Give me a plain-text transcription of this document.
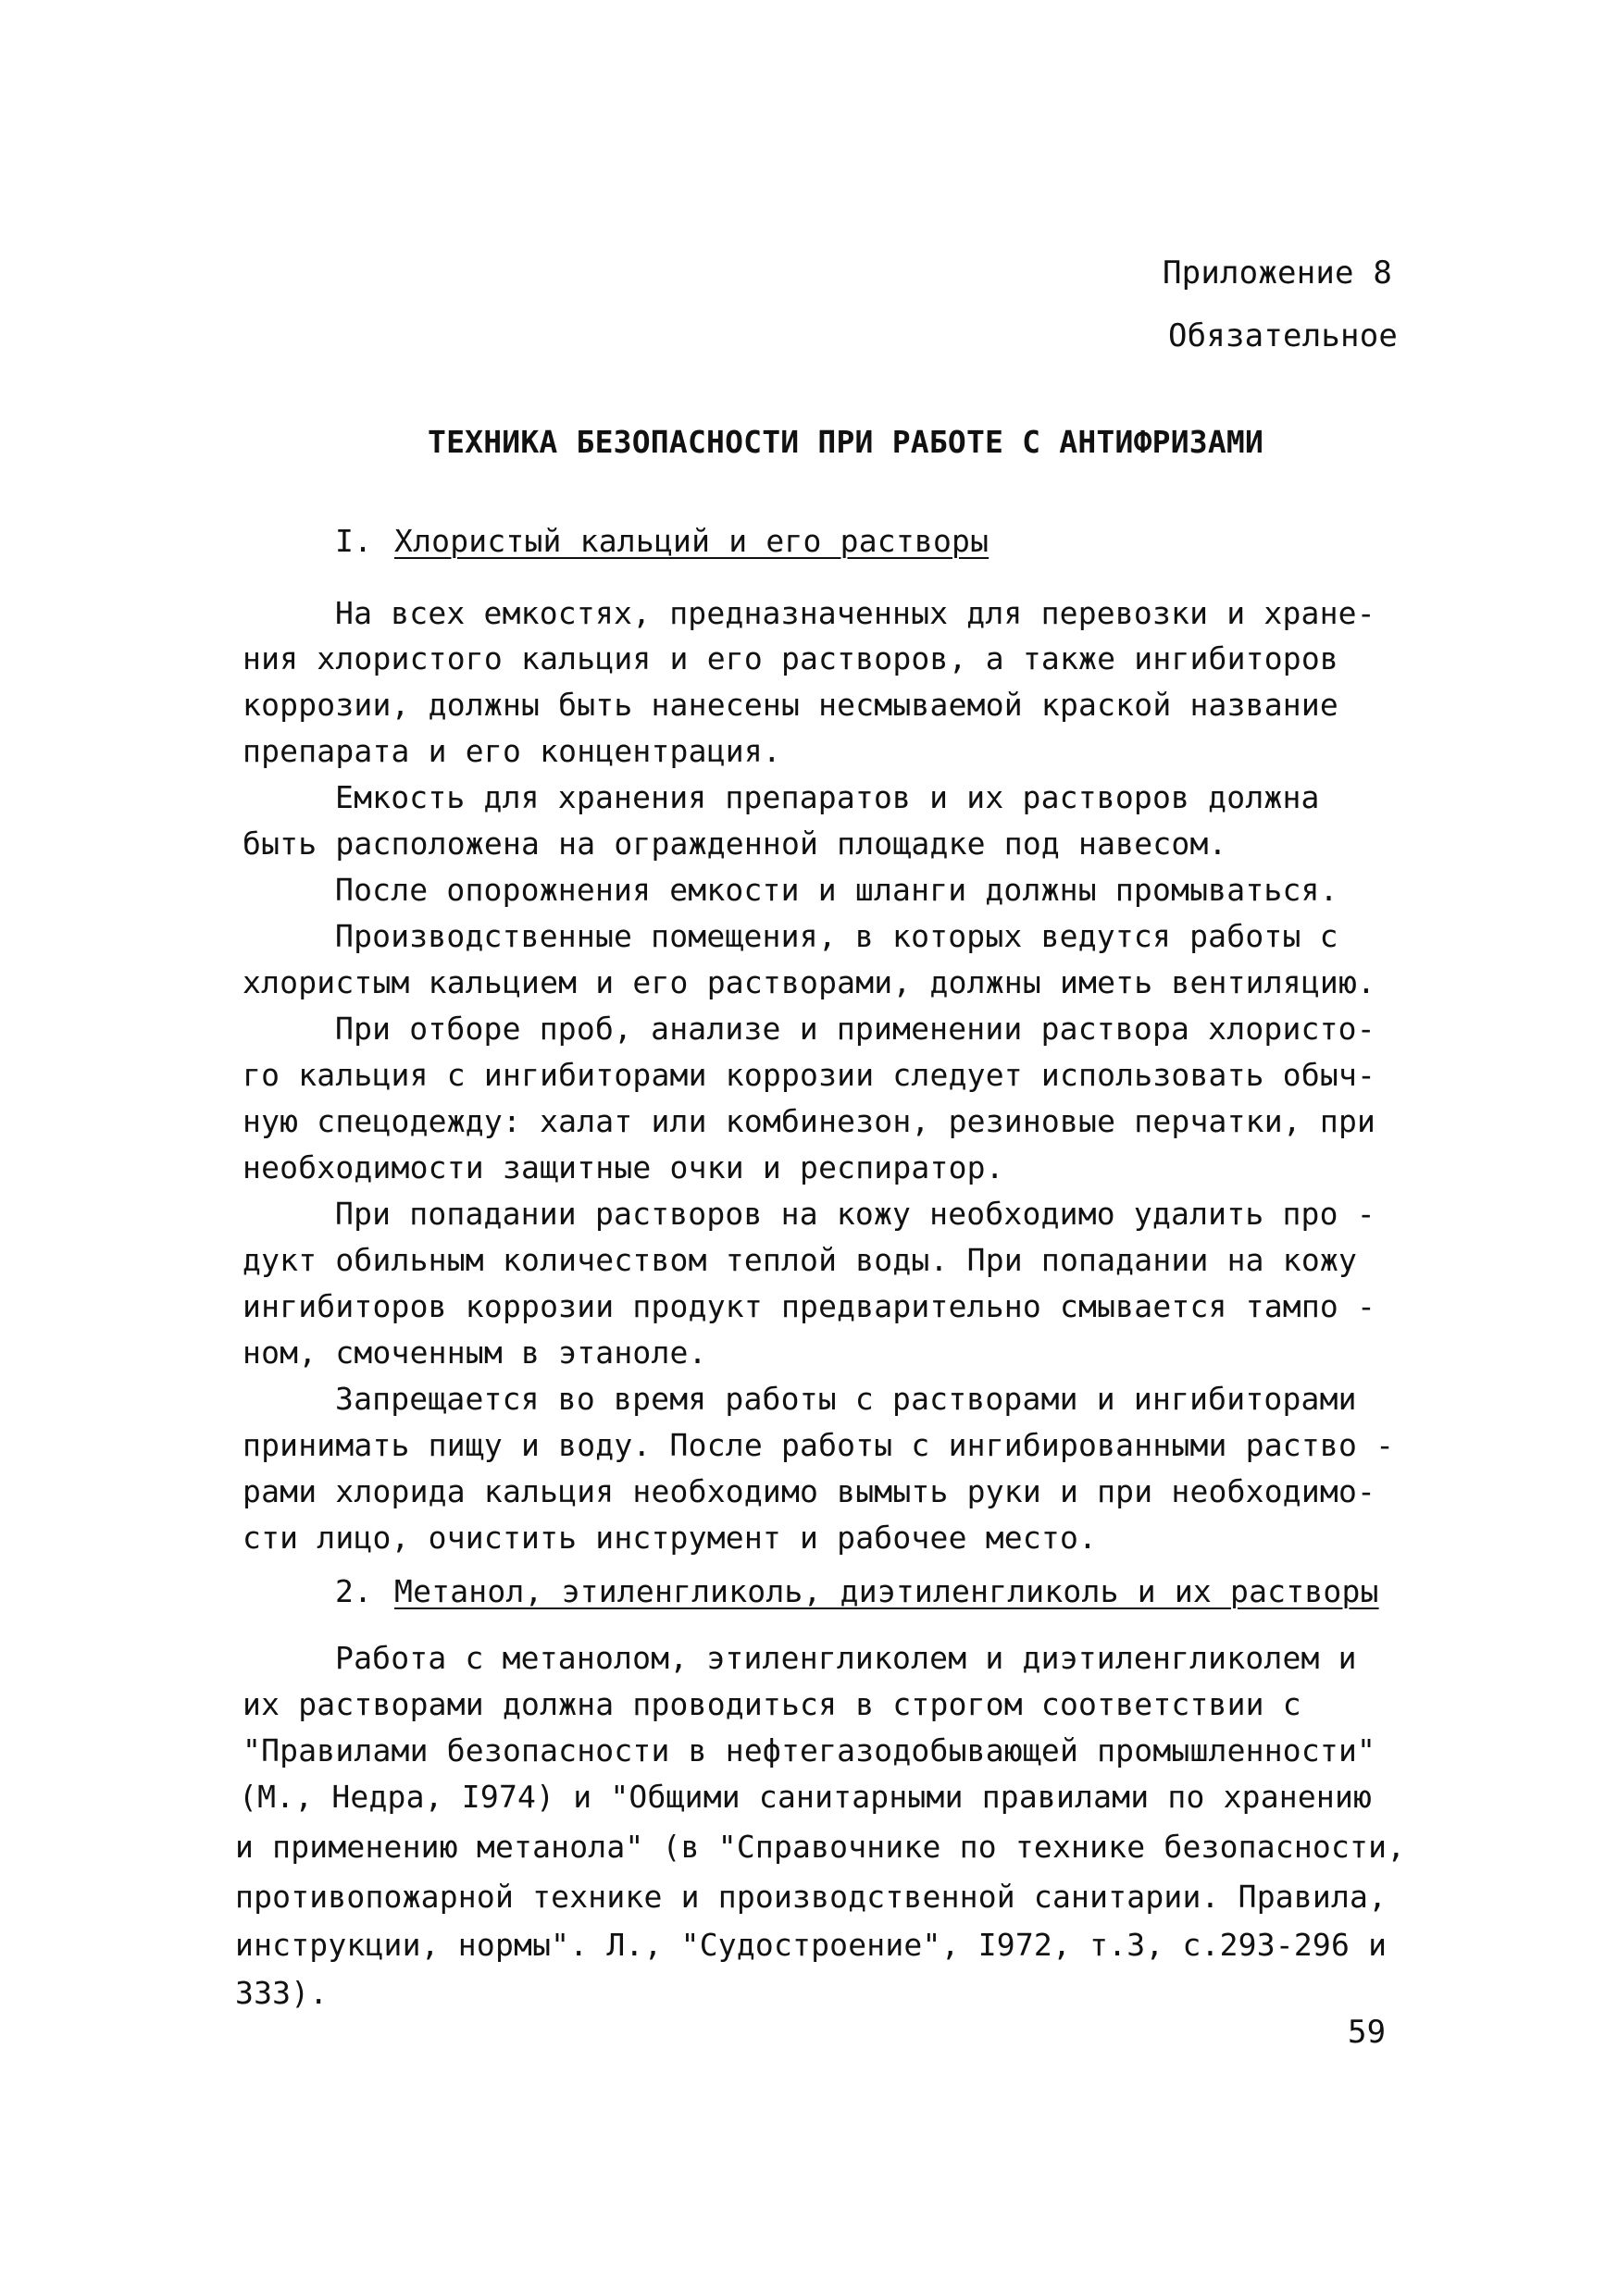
Приложение 8
Обязательное
ТЕХНИКА БЕЗОПАСНОСТИ ПРИ РАБОТЕ С АНТИФРИЗАМИ
I. Хлористый кальций и его растворы
На всех емкостях, предназначенных для перевозки и хране-
ния хлористого кальция и его растворов, а также ингибиторов
коррозии, должны быть нанесены несмываемой краской название
препарата и его концентрация.
Емкость для хранения препаратов и их растворов должна
быть расположена на огражденной площадке под навесом.
После опорожнения емкости и шланги должны промываться.
Производственные помещения, в которых ведутся работы с
хлористым кальцием и его растворами, должны иметь вентиляцию.
При отборе проб, анализе и применении раствора хлористо-
го кальция с ингибиторами коррозии следует использовать обыч-
ную спецодежду: халат или комбинезон, резиновые перчатки, при
необходимости защитные очки и респиратор.
При попадании растворов на кожу необходимо удалить про -
дукт обильным количеством теплой воды. При попадании на кожу
ингибиторов коррозии продукт предварительно смывается тампо -
ном, смоченным в этаноле.
Запрещается во время работы с растворами и ингибиторами
принимать пищу и воду. После работы с ингибированными раство -
рами хлорида кальция необходимо вымыть руки и при необходимо-
сти лицо, очистить инструмент и рабочее место.
2. Метанол, этиленгликоль, диэтиленгликоль и их растворы
Работа с метанолом, этиленгликолем и диэтиленгликолем и
их растворами должна проводиться в строгом соответствии с
"Правилами безопасности в нефтегазодобывающей промышленности"
(М., Недра, I974) и "Общими санитарными правилами по хранению
и применению метанола" (в "Справочнике по технике безопасности,
противопожарной технике и производственной санитарии. Правила,
инструкции, нормы". Л., "Судостроение", I972, т.3, с.293-296 и
333).
59
